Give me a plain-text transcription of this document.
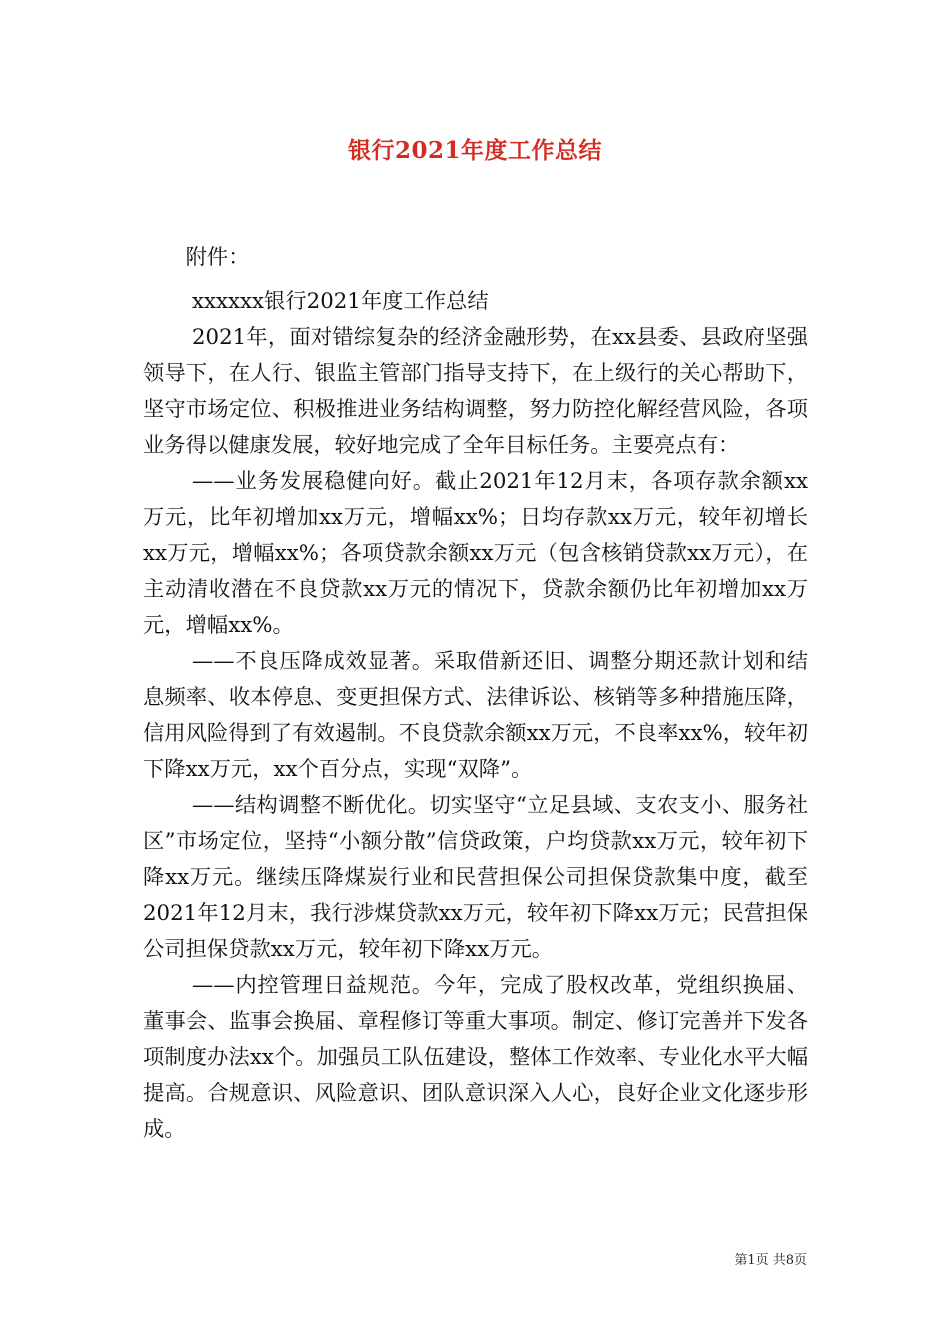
银行2021年度工作总结

附件：

xxxxxx银行2021年度工作总结

2021年，面对错综复杂的经济金融形势，在xx县委、县政府坚强领导下，在人行、银监主管部门指导支持下，在上级行的关心帮助下，坚守市场定位、积极推进业务结构调整，努力防控化解经营风险，各项业务得以健康发展，较好地完成了全年目标任务。主要亮点有：

——业务发展稳健向好。截止2021年12月末，各项存款余额xx万元，比年初增加xx万元，增幅xx%；日均存款xx万元，较年初增长xx万元，增幅xx%；各项贷款余额xx万元（包含核销贷款xx万元），在主动清收潜在不良贷款xx万元的情况下，贷款余额仍比年初增加xx万元，增幅xx%。

——不良压降成效显著。采取借新还旧、调整分期还款计划和结息频率、收本停息、变更担保方式、法律诉讼、核销等多种措施压降，信用风险得到了有效遏制。不良贷款余额xx万元，不良率xx%，较年初下降xx万元，xx个百分点，实现“双降”。

——结构调整不断优化。切实坚守“立足县域、支农支小、服务社区”市场定位，坚持“小额分散”信贷政策，户均贷款xx万元，较年初下降xx万元。继续压降煤炭行业和民营担保公司担保贷款集中度，截至2021年12月末，我行涉煤贷款xx万元，较年初下降xx万元；民营担保公司担保贷款xx万元，较年初下降xx万元。

——内控管理日益规范。今年，完成了股权改革，党组织换届、董事会、监事会换届、章程修订等重大事项。制定、修订完善并下发各项制度办法xx个。加强员工队伍建设，整体工作效率、专业化水平大幅提高。合规意识、风险意识、团队意识深入人心，良好企业文化逐步形成。

第1页 共8页
